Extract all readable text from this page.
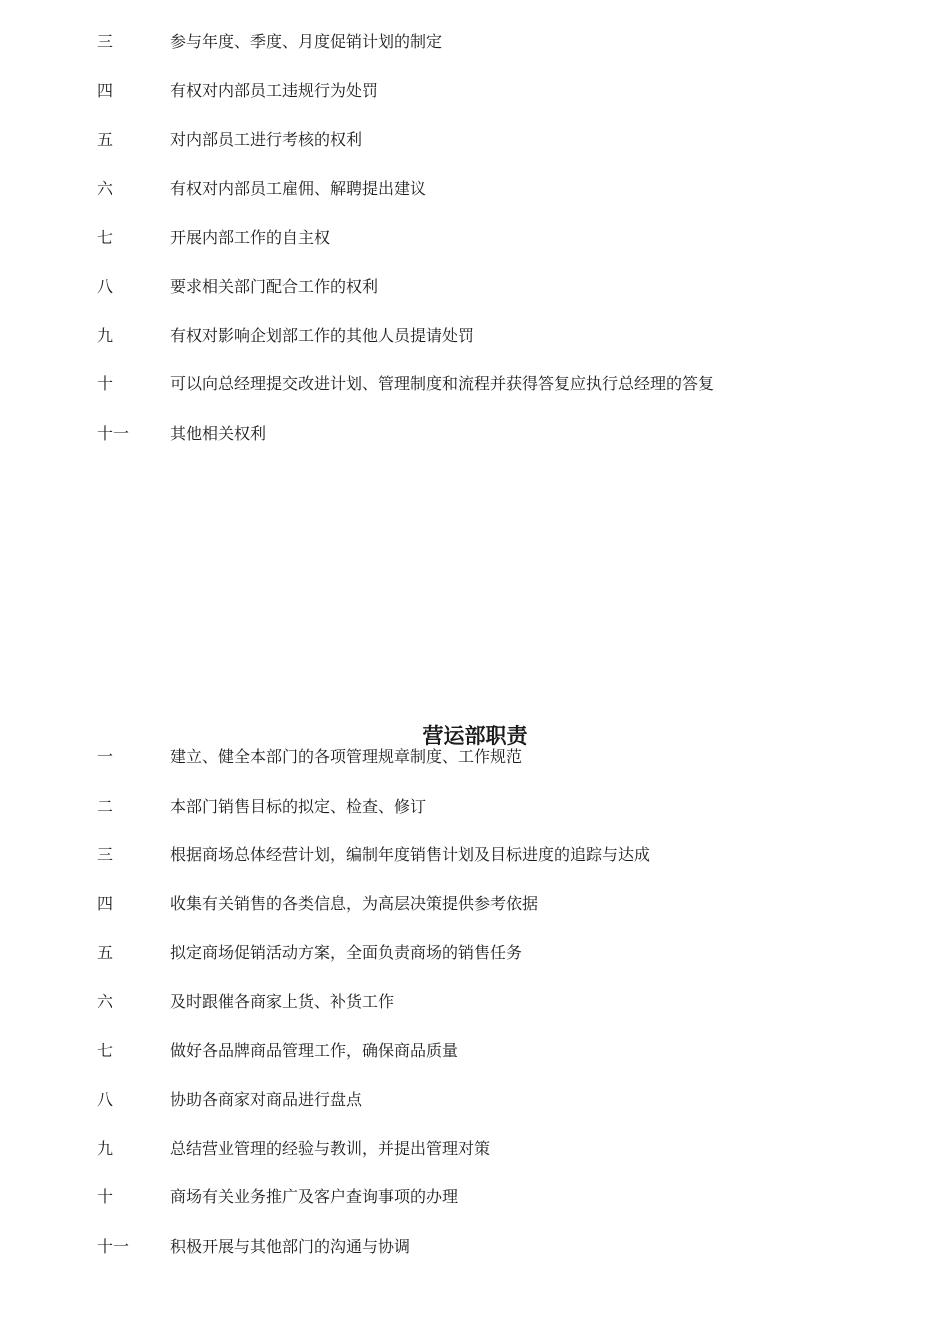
三	参与年度、季度、月度促销计划的制定
四	有权对内部员工违规行为处罚
五	对内部员工进行考核的权利
六	有权对内部员工雇佣、解聘提出建议
七	开展内部工作的自主权
八	要求相关部门配合工作的权利
九	有权对影响企划部工作的其他人员提请处罚
十	可以向总经理提交改进计划、管理制度和流程并获得答复应执行总经理的答复
十一	其他相关权利
营运部职责
一	建立、健全本部门的各项管理规章制度、工作规范
二	本部门销售目标的拟定、检查、修订
三	根据商场总体经营计划，编制年度销售计划及目标进度的追踪与达成
四	收集有关销售的各类信息，为高层决策提供参考依据
五	拟定商场促销活动方案，全面负责商场的销售任务
六	及时跟催各商家上货、补货工作
七	做好各品牌商品管理工作，确保商品质量
八	协助各商家对商品进行盘点
九	总结营业管理的经验与教训，并提出管理对策
十	商场有关业务推广及客户查询事项的办理
十一	积极开展与其他部门的沟通与协调
